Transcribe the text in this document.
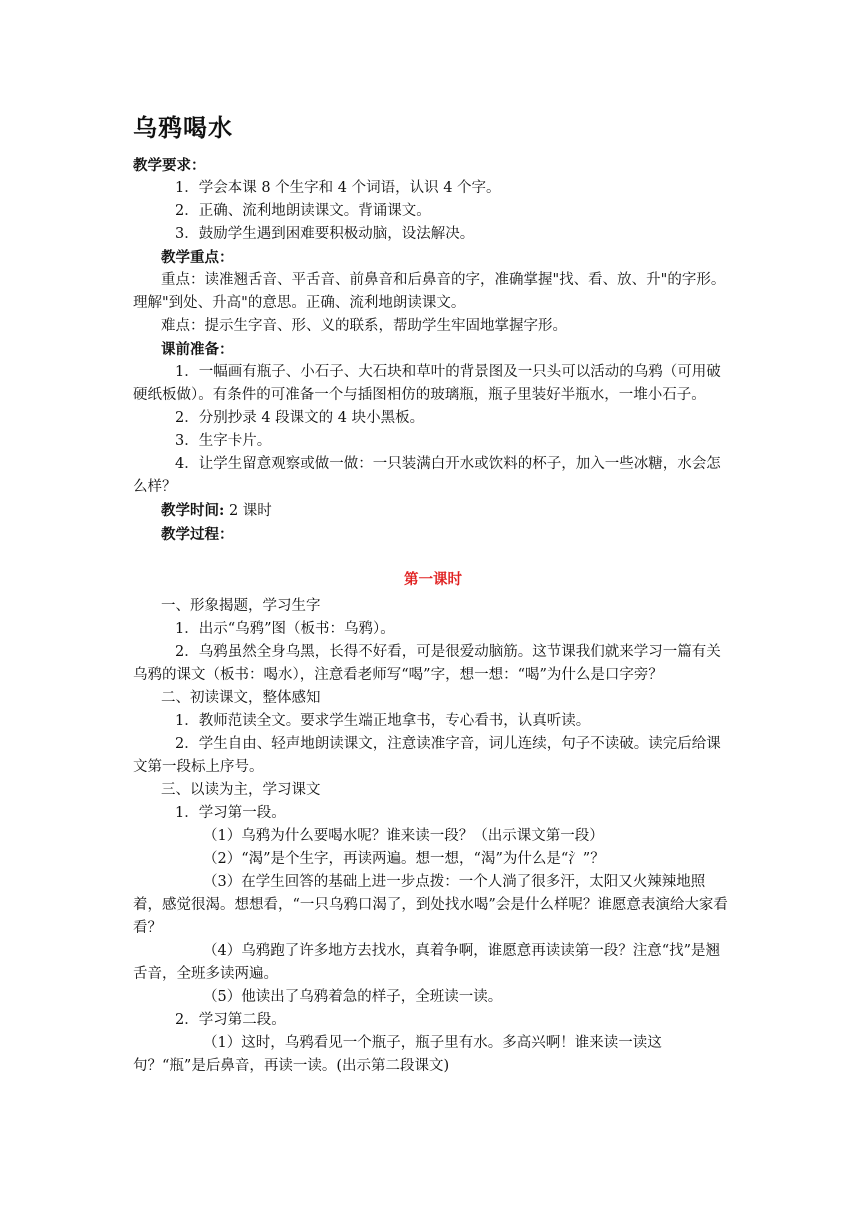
乌鸦喝水
教学要求：
1．学会本课 8 个生字和 4 个词语，认识 4 个字。
2．正确、流利地朗读课文。背诵课文。
3．鼓励学生遇到困难要积极动脑，设法解决。
教学重点：
重点：读准翘舌音、平舌音、前鼻音和后鼻音的字，准确掌握"找、看、放、升"的字形。理解"到处、升高"的意思。正确、流利地朗读课文。
难点：提示生字音、形、义的联系，帮助学生牢固地掌握字形。
课前准备：
1．一幅画有瓶子、小石子、大石块和草叶的背景图及一只头可以活动的乌鸦（可用破硬纸板做）。有条件的可准备一个与插图相仿的玻璃瓶，瓶子里装好半瓶水，一堆小石子。
2．分别抄录 4 段课文的 4 块小黑板。
3．生字卡片。
4．让学生留意观察或做一做：一只装满白开水或饮料的杯子，加入一些冰糖，水会怎么样？
教学时间: 2 课时
教学过程：
第一课时
一、形象揭题，学习生字
1．出示“乌鸦”图（板书：乌鸦）。
2．乌鸦虽然全身乌黑，长得不好看，可是很爱动脑筋。这节课我们就来学习一篇有关乌鸦的课文（板书：喝水），注意看老师写“喝”字，想一想：“喝”为什么是口字旁？
二、初读课文，整体感知
1．教师范读全文。要求学生端正地拿书，专心看书，认真听读。
2．学生自由、轻声地朗读课文，注意读准字音，词儿连续，句子不读破。读完后给课文第一段标上序号。
三、以读为主，学习课文
1．学习第一段。
（1）乌鸦为什么要喝水呢？谁来读一段？（出示课文第一段）
（2）“渴”是个生字，再读两遍。想一想，“渴”为什么是“氵”？
（3）在学生回答的基础上进一步点拨：一个人淌了很多汗，太阳又火辣辣地照着，感觉很渴。想想看，“一只乌鸦口渴了，到处找水喝”会是什么样呢？谁愿意表演给大家看看？
（4）乌鸦跑了许多地方去找水，真着争啊，谁愿意再读读第一段？注意“找”是翘舌音，全班多读两遍。
（5）他读出了乌鸦着急的样子，全班读一读。
2．学习第二段。
（1）这时，乌鸦看见一个瓶子，瓶子里有水。多高兴啊！谁来读一读这句？“瓶”是后鼻音，再读一读。(出示第二段课文)
